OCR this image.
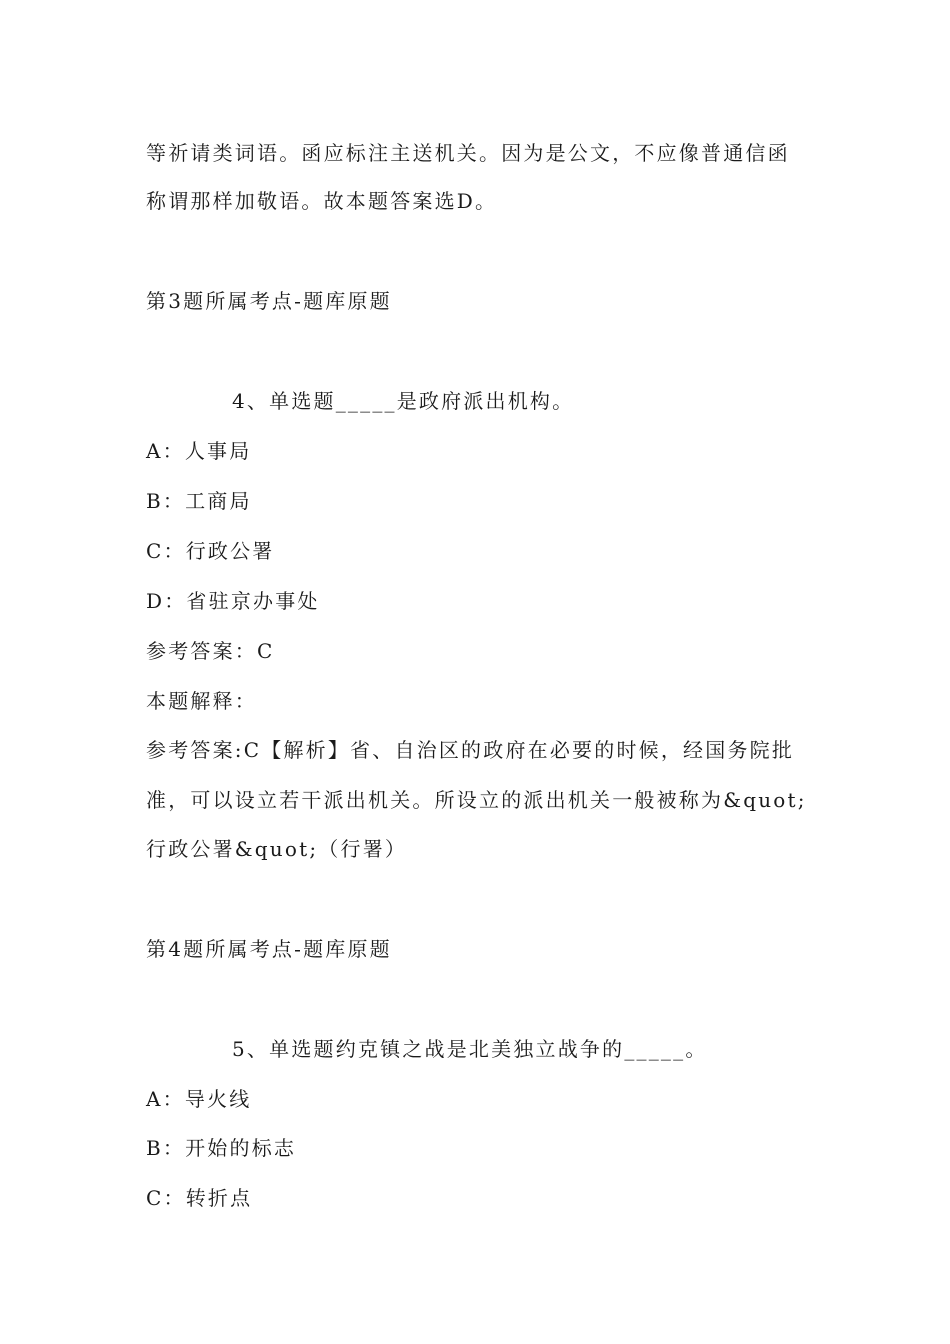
等祈请类词语。函应标注主送机关。因为是公文，不应像普通信函
称谓那样加敬语。故本题答案选D。
第3题所属考点-题库原题
4、单选题_____是政府派出机构。
A：人事局
B：工商局
C：行政公署
D：省驻京办事处
参考答案：C
本题解释：
参考答案:C【解析】省、自治区的政府在必要的时候，经国务院批
准，可以设立若干派出机关。所设立的派出机关一般被称为&quot;
行政公署&quot;（行署）
第4题所属考点-题库原题
5、单选题约克镇之战是北美独立战争的_____。
A：导火线
B：开始的标志
C：转折点
